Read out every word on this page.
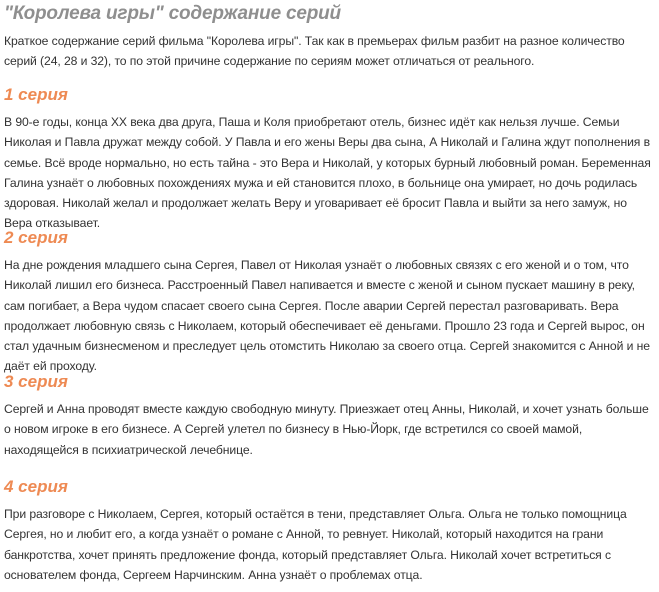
"Королева игры" содержание серий

Краткое содержание серий фильма "Королева игры". Так как в премьерах фильм разбит на разное количество серий (24, 28 и 32), то по этой причине содержание по сериям может отличаться от реального.

1 серия

В 90-е годы, конца XX века два друга, Паша и Коля приобретают отель, бизнес идёт как нельзя лучше. Семьи Николая и Павла дружат между собой. У Павла и его жены Веры два сына, А Николай и Галина ждут пополнения в семье. Всё вроде нормально, но есть тайна - это Вера и Николай, у которых бурный любовный роман. Беременная Галина узнаёт о любовных похождениях мужа и ей становится плохо, в больнице она умирает, но дочь родилась здоровая. Николай желал и продолжает желать Веру и уговаривает её бросит Павла и выйти за него замуж, но Вера отказывает.

2 серия

На дне рождения младшего сына Сергея, Павел от Николая узнаёт о любовных связях с его женой и о том, что Николай лишил его бизнеса. Расстроенный Павел напивается и вместе с женой и сыном пускает машину в реку, сам погибает, а Вера чудом спасает своего сына Сергея. После аварии Сергей перестал разговаривать. Вера продолжает любовную связь с Николаем, который обеспечивает её деньгами. Прошло 23 года и Сергей вырос, он стал удачным бизнесменом и преследует цель отомстить Николаю за своего отца. Сергей знакомится с Анной и не даёт ей проходу.

3 серия

Сергей и Анна проводят вместе каждую свободную минуту. Приезжает отец Анны, Николай, и хочет узнать больше о новом игроке в его бизнесе. А Сергей улетел по бизнесу в Нью-Йорк, где встретился со своей мамой, находящейся в психиатрической лечебнице.

4 серия

При разговоре с Николаем, Сергея, который остаётся в тени, представляет Ольга. Ольга не только помощница Сергея, но и любит его, а когда узнаёт о романе с Анной, то ревнует. Николай, который находится на грани банкротства, хочет принять предложение фонда, который представляет Ольга. Николай хочет встретиться с основателем фонда, Сергеем Нарчинским. Анна узнаёт о проблемах отца.
